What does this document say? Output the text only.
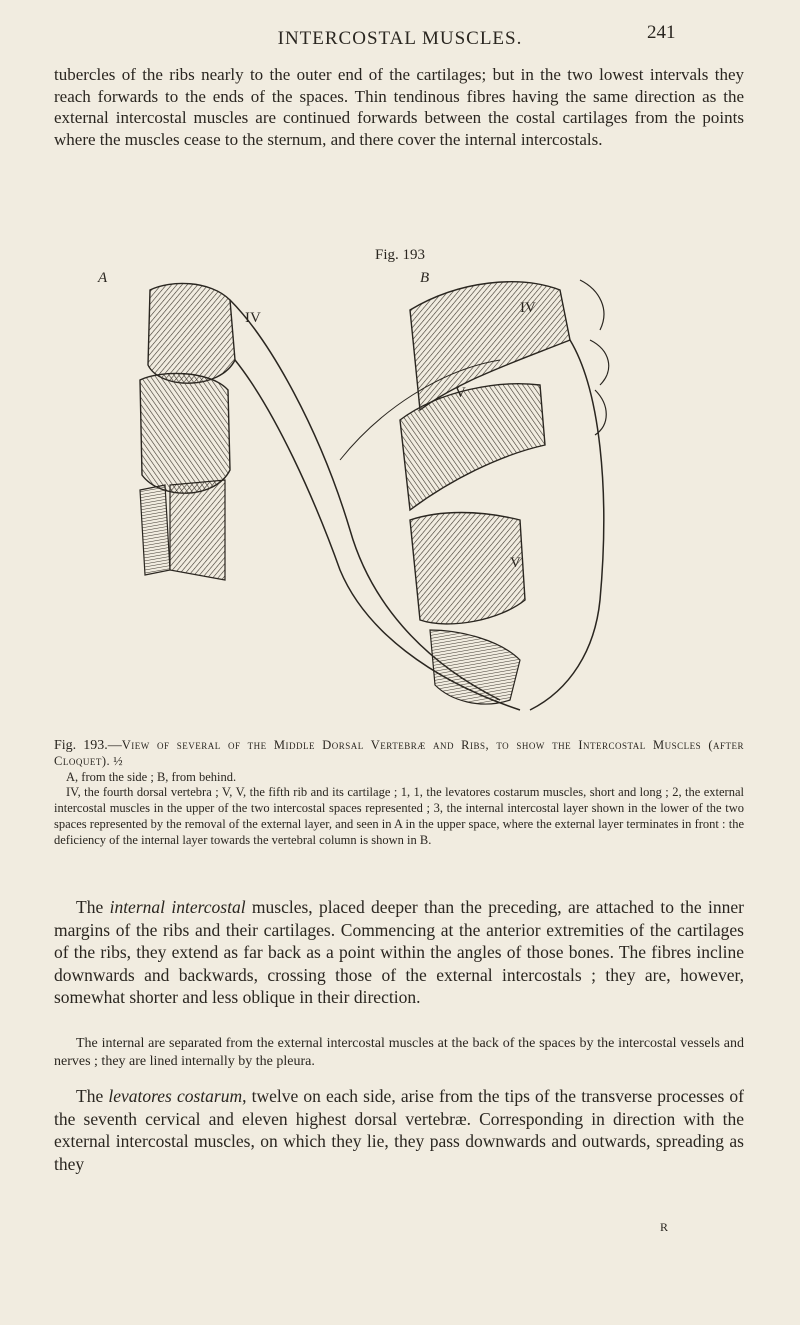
INTERCOSTAL MUSCLES.	241

tubercles of the ribs nearly to the outer end of the cartilages; but in the two lowest intervals they reach forwards to the ends of the spaces. Thin tendinous fibres having the same direction as the external intercostal muscles are continued forwards between the costal cartilages from the points where the muscles cease to the sternum, and there cover the internal intercostals.

Fig. 193
A	B
IV
IV
V
V

Fig. 193.—View of several of the Middle Dorsal Vertebræ and Ribs, to show the Intercostal Muscles (after Cloquet). ½

A, from the side ; B, from behind.

IV, the fourth dorsal vertebra ; V, V, the fifth rib and its cartilage ; 1, 1, the levatores costarum muscles, short and long ; 2, the external intercostal muscles in the upper of the two intercostal spaces represented ; 3, the internal intercostal layer shown in the lower of the two spaces represented by the removal of the external layer, and seen in A in the upper space, where the external layer terminates in front : the deficiency of the internal layer towards the vertebral column is shown in B.

The internal intercostal muscles, placed deeper than the preceding, are attached to the inner margins of the ribs and their cartilages. Commencing at the anterior extremities of the cartilages of the ribs, they extend as far back as a point within the angles of those bones. The fibres incline downwards and backwards, crossing those of the external intercostals ; they are, however, somewhat shorter and less oblique in their direction.

The internal are separated from the external intercostal muscles at the back of the spaces by the intercostal vessels and nerves ; they are lined internally by the pleura.

The levatores costarum, twelve on each side, arise from the tips of the transverse processes of the seventh cervical and eleven highest dorsal vertebræ. Corresponding in direction with the external intercostal muscles, on which they lie, they pass downwards and outwards, spreading as they

R
